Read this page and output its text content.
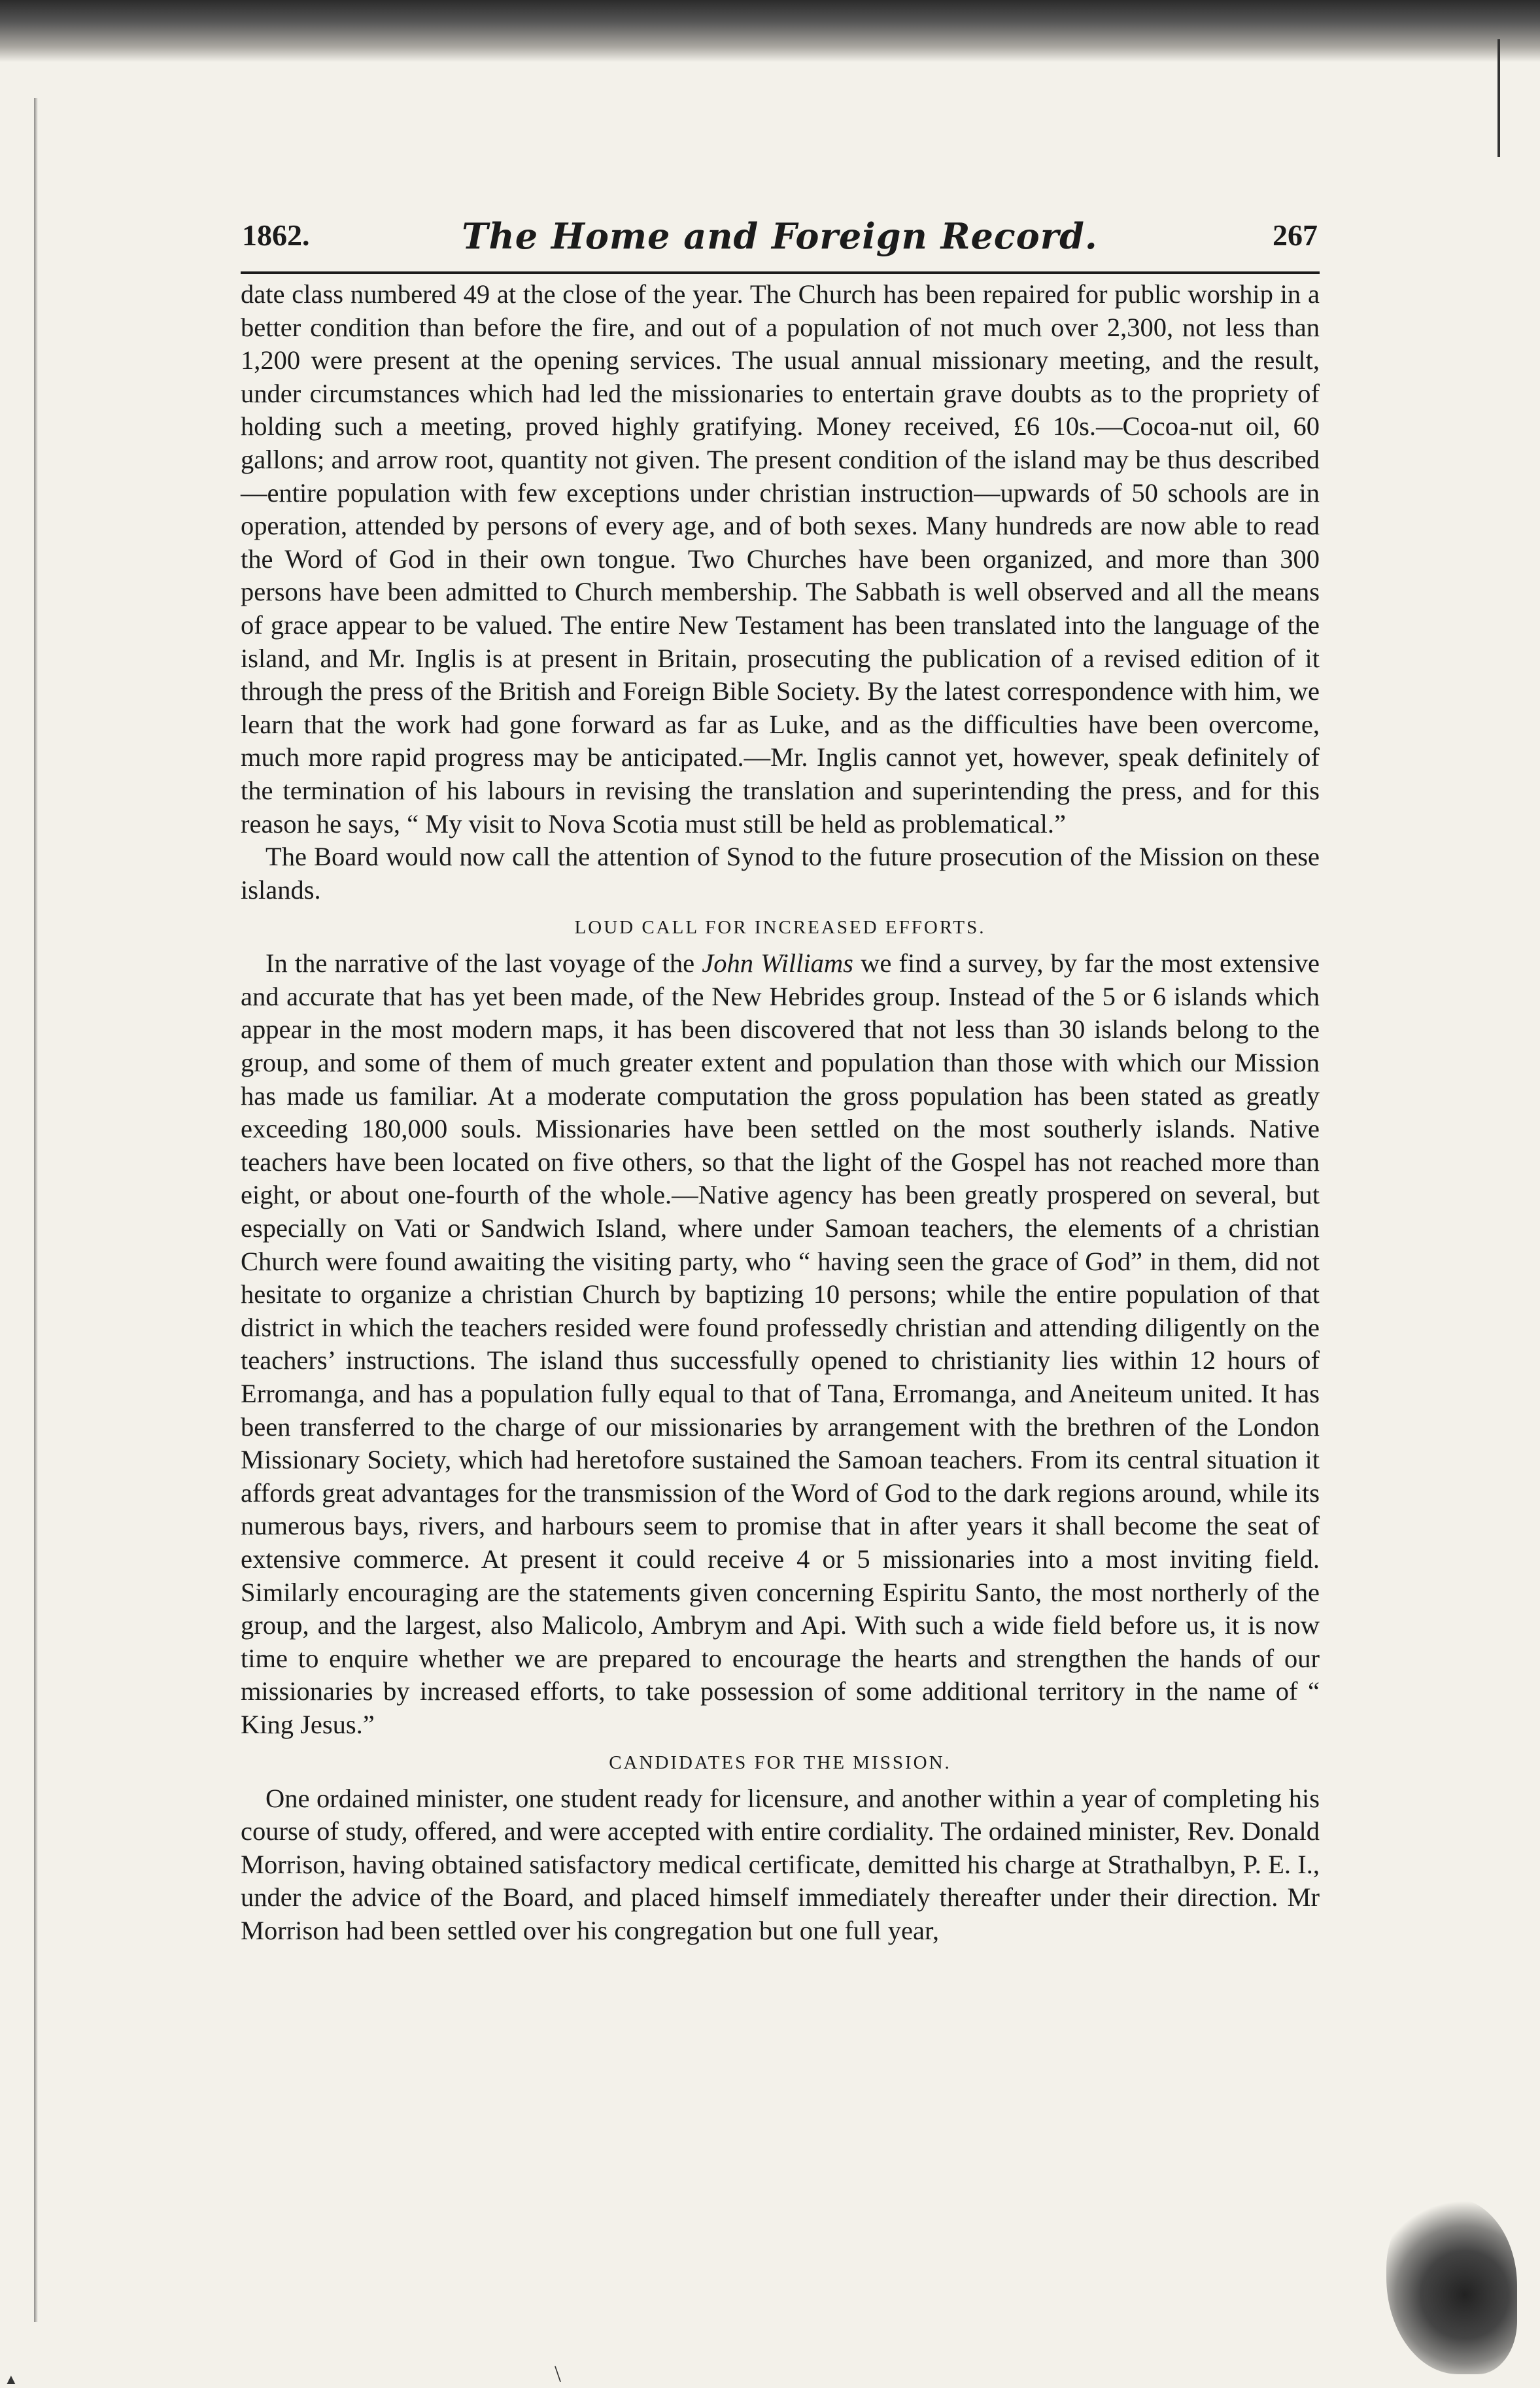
1862.	The Home and Foreign Record.	267

date class numbered 49 at the close of the year. The Church has been repaired for public worship in a better condition than before the fire, and out of a population of not much over 2,300, not less than 1,200 were present at the opening services. The usual annual missionary meeting, and the result, under circumstances which had led the missionaries to entertain grave doubts as to the propriety of holding such a meeting, proved highly gratifying. Money received, £6 10s.—Cocoa-nut oil, 60 gallons; and arrow root, quantity not given. The present condition of the island may be thus described—entire population with few exceptions under christian instruction—upwards of 50 schools are in operation, attended by persons of every age, and of both sexes. Many hundreds are now able to read the Word of God in their own tongue. Two Churches have been organized, and more than 300 persons have been admitted to Church membership. The Sabbath is well observed and all the means of grace appear to be valued. The entire New Testament has been translated into the language of the island, and Mr. Inglis is at present in Britain, prosecuting the publication of a revised edition of it through the press of the British and Foreign Bible Society. By the latest correspondence with him, we learn that the work had gone forward as far as Luke, and as the difficulties have been overcome, much more rapid progress may be anticipated.—Mr. Inglis cannot yet, however, speak definitely of the termination of his labours in revising the translation and superintending the press, and for this reason he says, “ My visit to Nova Scotia must still be held as problematical.”

The Board would now call the attention of Synod to the future prosecution of the Mission on these islands.

LOUD CALL FOR INCREASED EFFORTS.

In the narrative of the last voyage of the John Williams we find a survey, by far the most extensive and accurate that has yet been made, of the New Hebrides group. Instead of the 5 or 6 islands which appear in the most modern maps, it has been discovered that not less than 30 islands belong to the group, and some of them of much greater extent and population than those with which our Mission has made us familiar. At a moderate computation the gross population has been stated as greatly exceeding 180,000 souls. Missionaries have been settled on the most southerly islands. Native teachers have been located on five others, so that the light of the Gospel has not reached more than eight, or about one-fourth of the whole.—Native agency has been greatly prospered on several, but especially on Vati or Sandwich Island, where under Samoan teachers, the elements of a christian Church were found awaiting the visiting party, who “ having seen the grace of God” in them, did not hesitate to organize a christian Church by baptizing 10 persons; while the entire population of that district in which the teachers resided were found professedly christian and attending diligently on the teachers’ instructions. The island thus successfully opened to christianity lies within 12 hours of Erromanga, and has a population fully equal to that of Tana, Erromanga, and Aneiteum united. It has been transferred to the charge of our missionaries by arrangement with the brethren of the London Missionary Society, which had heretofore sustained the Samoan teachers. From its central situation it affords great advantages for the transmission of the Word of God to the dark regions around, while its numerous bays, rivers, and harbours seem to promise that in after years it shall become the seat of extensive commerce. At present it could receive 4 or 5 missionaries into a most inviting field. Similarly encouraging are the statements given concerning Espiritu Santo, the most northerly of the group, and the largest, also Malicolo, Ambrym and Api. With such a wide field before us, it is now time to enquire whether we are prepared to encourage the hearts and strengthen the hands of our missionaries by increased efforts, to take possession of some additional territory in the name of “ King Jesus.”

CANDIDATES FOR THE MISSION.

One ordained minister, one student ready for licensure, and another within a year of completing his course of study, offered, and were accepted with entire cordiality. The ordained minister, Rev. Donald Morrison, having obtained satisfactory medical certificate, demitted his charge at Strathalbyn, P. E. I., under the advice of the Board, and placed himself immediately thereafter under their direction. Mr Morrison had been settled over his congregation but one full year,

\
▲
